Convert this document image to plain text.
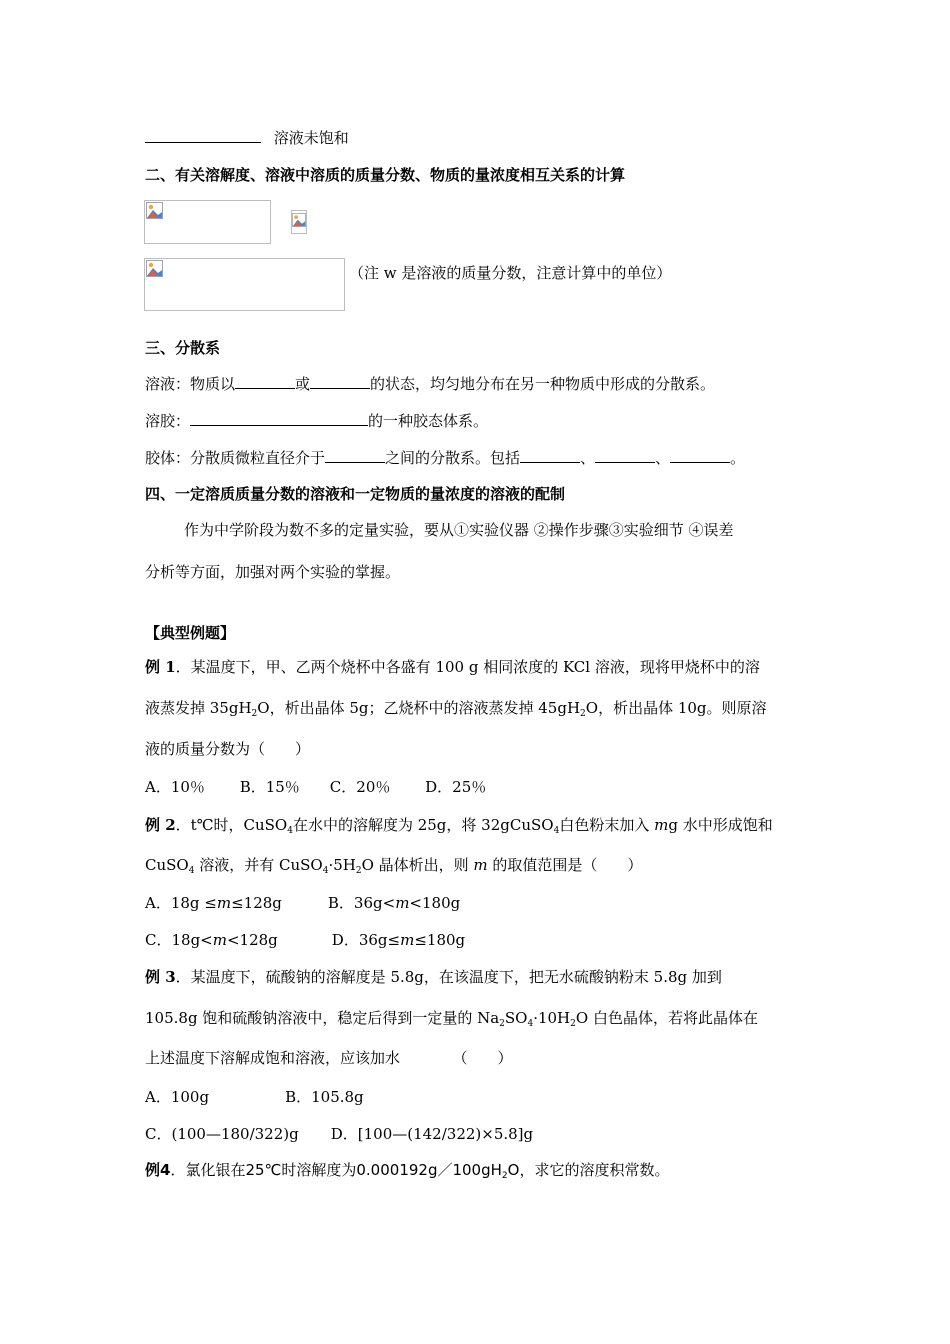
溶液未饱和
二、有关溶解度、溶液中溶质的质量分数、物质的量浓度相互关系的计算
（注 w 是溶液的质量分数，注意计算中的单位）
三、分散系
溶液：物质以	或	的状态，均匀地分布在另一种物质中形成的分散系。
溶胶：	的一种胶态体系。
胶体：分散质微粒直径介于	之间的分散系。包括	、	、	。
四、一定溶质质量分数的溶液和一定物质的量浓度的溶液的配制
作为中学阶段为数不多的定量实验，要从①实验仪器 ②操作步骤③实验细节 ④误差
分析等方面，加强对两个实验的掌握。
【典型例题】
例 1．某温度下，甲、乙两个烧杯中各盛有 100 g 相同浓度的 KCl 溶液，现将甲烧杯中的溶
液蒸发掉 $35gH_2O$，析出晶体 5g；乙烧杯中的溶液蒸发掉 $45gH_2O$，析出晶体 10g。则原溶
液的质量分数为（　　）
A．10％　　 B．15％　　C．20％　　 D．25％
例 2．t℃时，CuSO$_4$在水中的溶解度为 25g，将 32gCuSO$_4$白色粉末加入 mg 水中形成饱和
CuSO$_4$ 溶液，并有 $CuSO_4\cdot 5H_2O$ 晶体析出，则 m 的取值范围是（　　）
A．18g ≤m≤128g	B．36g<m<180g
C．18g<m<128g	D．36g≤m≤180g
例 3．某温度下，硫酸钠的溶解度是 5.8g，在该温度下，把无水硫酸钠粉末 5.8g 加到
105.8g 饱和硫酸钠溶液中，稳定后得到一定量的 $Na_2SO_4\cdot 10H_2O$ 白色晶体，若将此晶体在
上述温度下溶解成饱和溶液，应该加水　　　　（　　）
A．100g	B．105.8g
C．(100—180/322)g D．[100—(142/322)×5.8]g
例4．氯化银在25℃时溶解度为$0.000192g/100gH_2O$，求它的溶度积常数。
